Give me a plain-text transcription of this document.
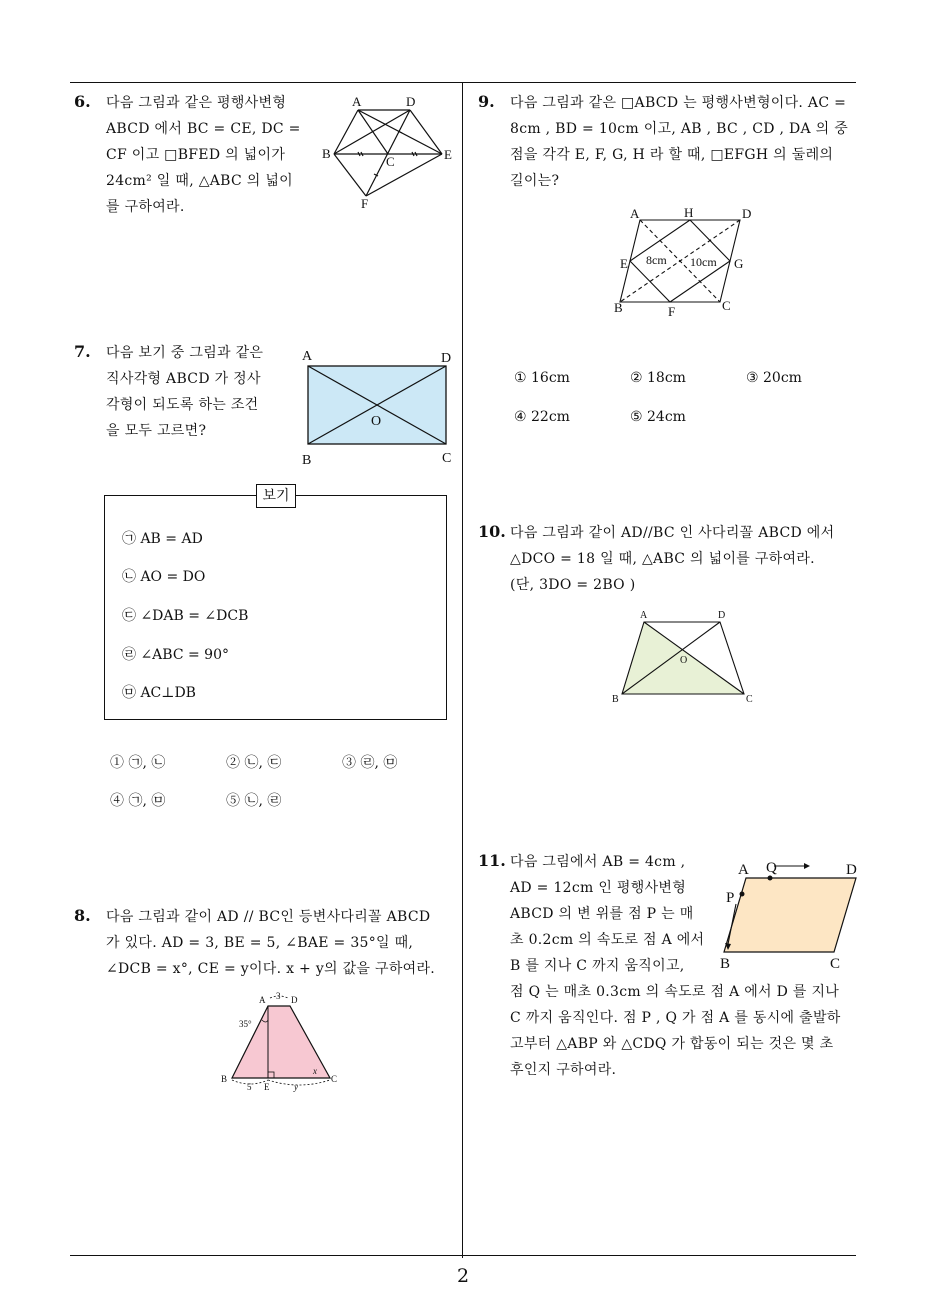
6. 다음 그림과 같은 평행사변형
ABCD 에서 BC = CE, DC =
CF 이고 □BFED 의 넓이가
24cm² 일 때, △ABC 의 넓이
를 구하여라.
A	D
B
C	E
F
7. 다음 보기 중 그림과 같은
직사각형 ABCD 가 정사
각형이 되도록 하는 조건
을 모두 고르면?
A	D
B	C
O
보기
㉠ AB = AD
㉡ AO = DO
㉢ ∠DAB = ∠DCB
㉣ ∠ABC = 90°
㉤ AC⊥DB
① ㉠, ㉡	② ㉡, ㉢	③ ㉣, ㉤
④ ㉠, ㉤	⑤ ㉡, ㉣
8. 다음 그림과 같이 AD // BC인 등변사다리꼴 ABCD
가 있다. AD = 3, BE = 5, ∠BAE = 35°일 때,
∠DCB = x°, CE = y이다. x + y의 값을 구하여라.
A	D
B	C
E
3
35°
5	y
x
9. 다음 그림과 같은 □ABCD 는 평행사변형이다. AC =
8cm , BD = 10cm 이고, AB , BC , CD , DA 의 중
점을 각각 E, F, G, H 라 할 때, □EFGH 의 둘레의
길이는?
A	H	D
E	G
B	F	C
8cm 10cm
① 16cm	② 18cm	③ 20cm
④ 22cm	⑤ 24cm
10. 다음 그림과 같이 AD//BC 인 사다리꼴 ABCD 에서
△DCO = 18 일 때, △ABC 의 넓이를 구하여라.
(단, 3DO = 2BO )
A	D
B	C
O
11. 다음 그림에서 AB = 4cm ,
AD = 12cm 인 평행사변형
ABCD 의 변 위를 점 P 는 매
초 0.2cm 의 속도로 점 A 에서
B 를 지나 C 까지 움직이고,
점 Q 는 매초 0.3cm 의 속도로 점 A 에서 D 를 지나
C 까지 움직인다. 점 P , Q 가 점 A 를 동시에 출발하
고부터 △ABP 와 △CDQ 가 합동이 되는 것은 몇 초
후인지 구하여라.
A Q	D
P
B	C
2
